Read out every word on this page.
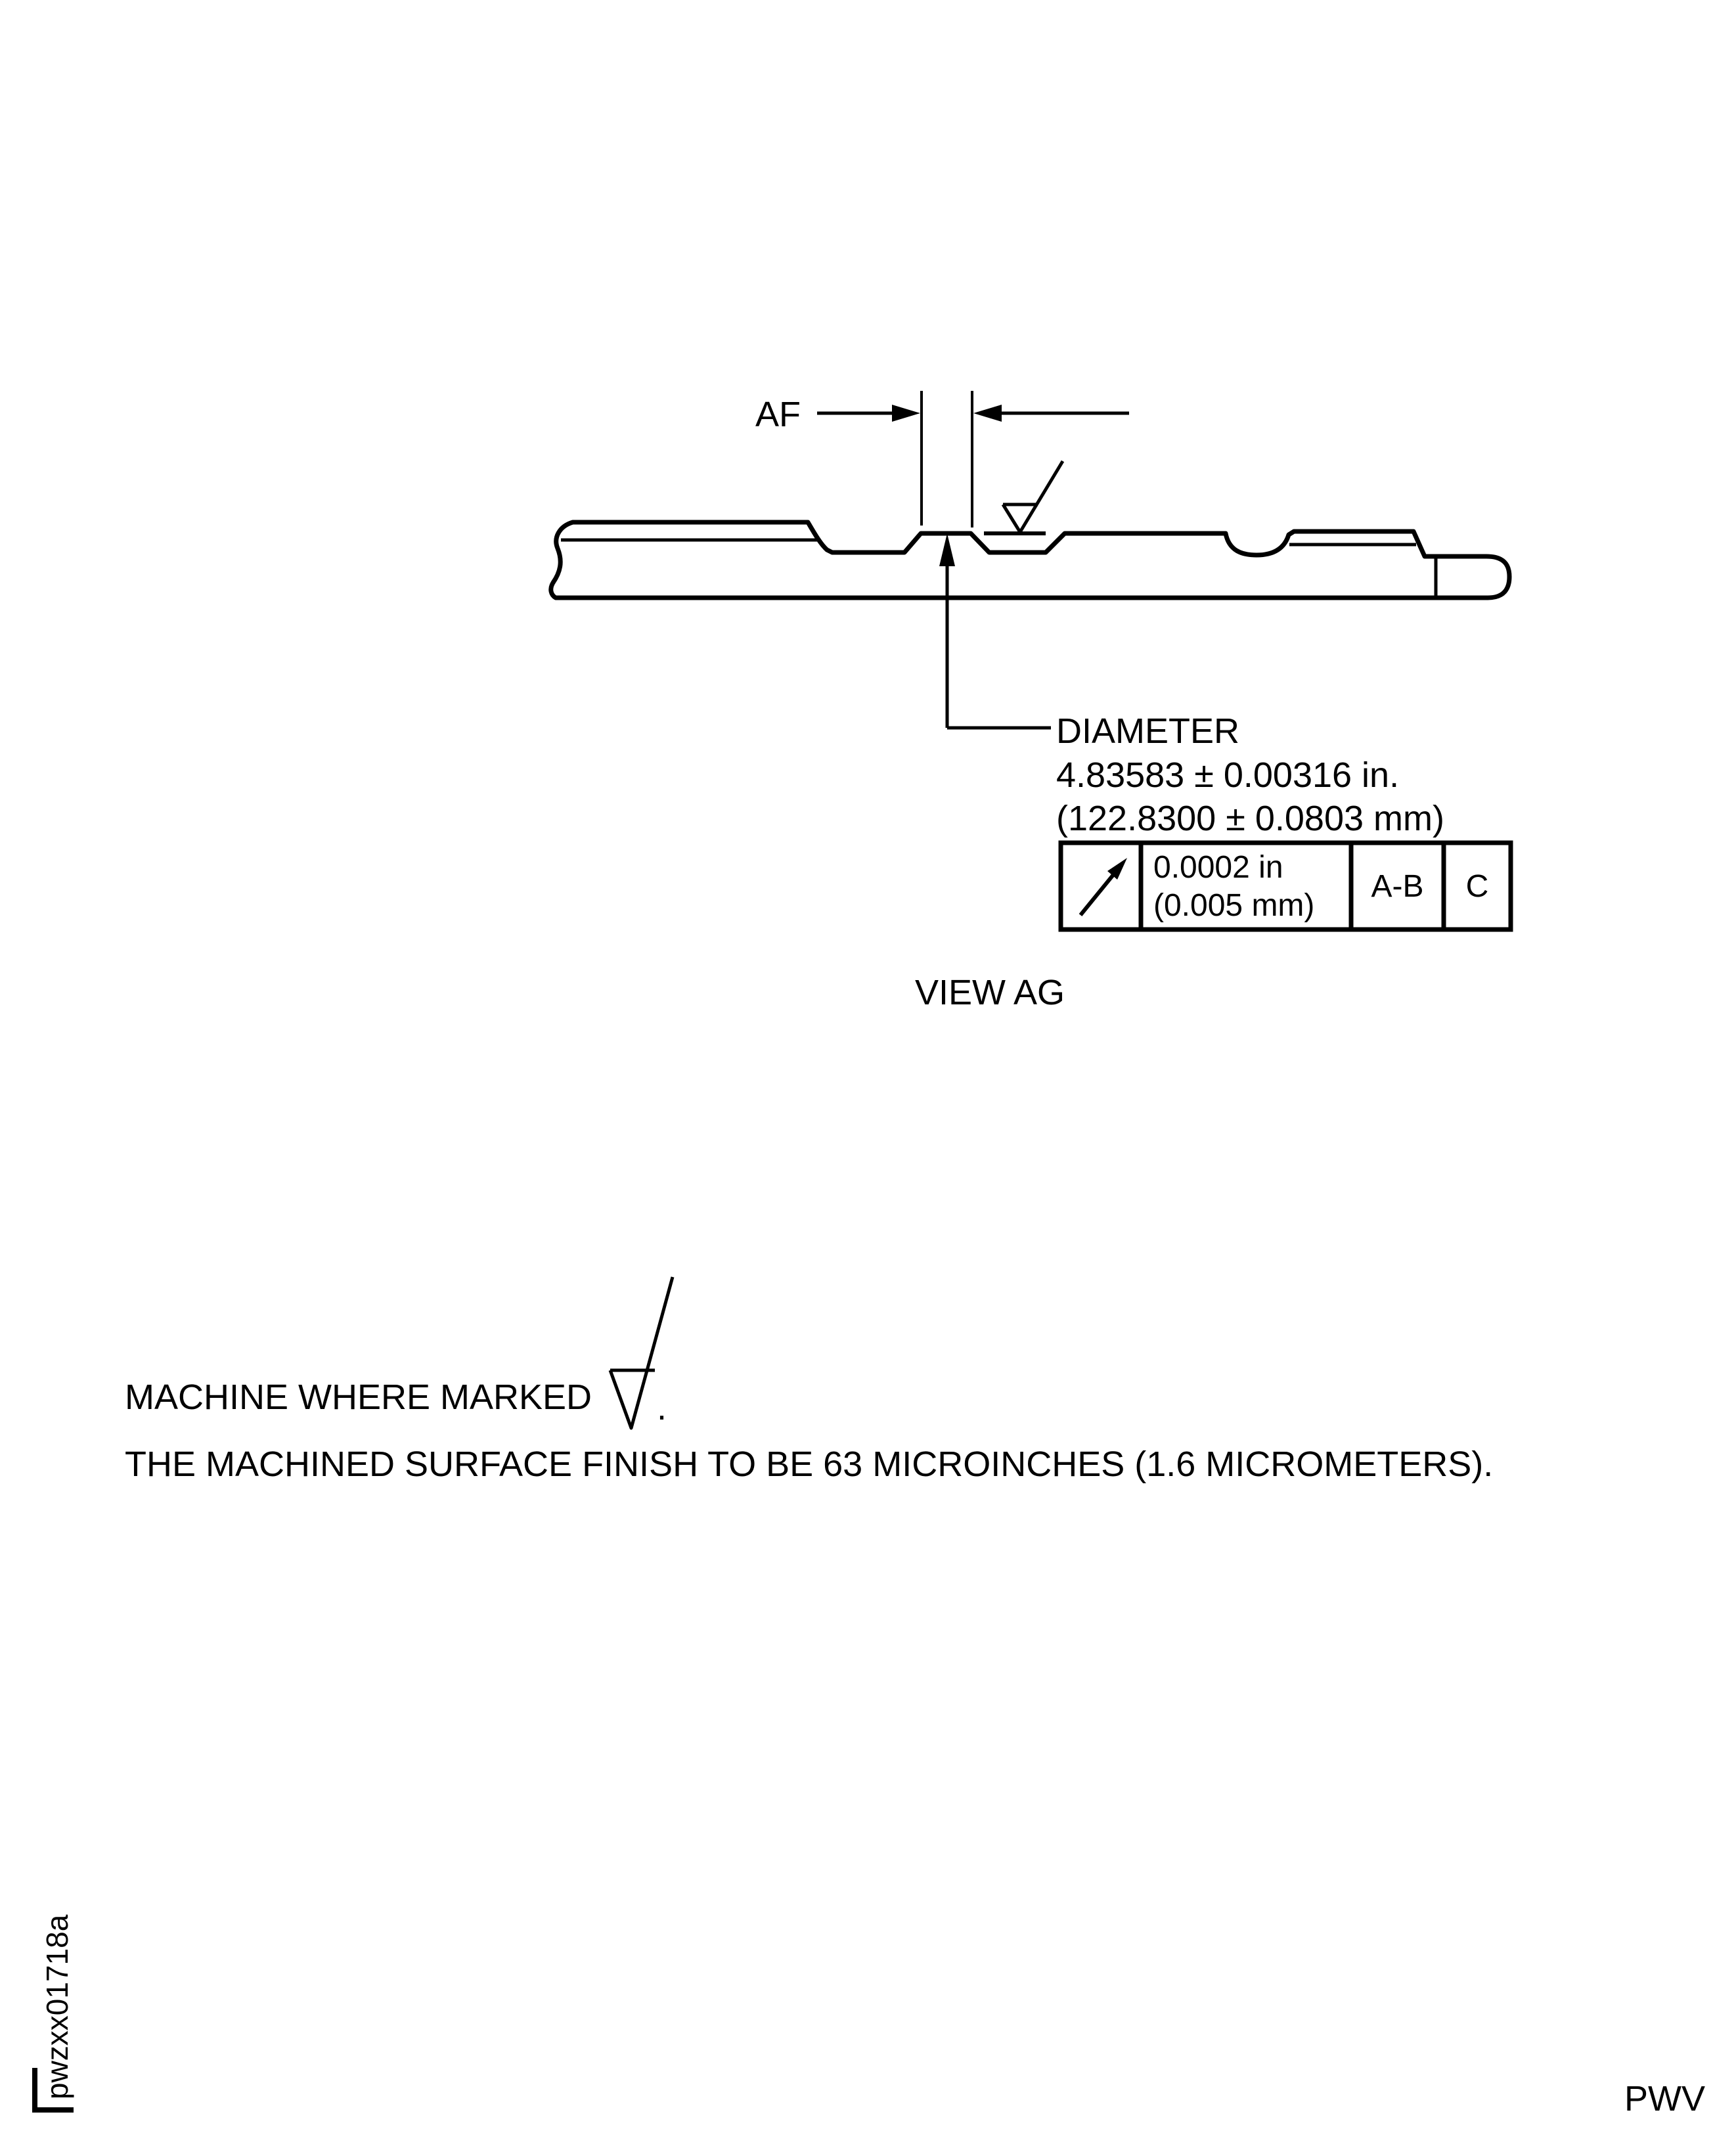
AF
DIAMETER
4.83583 ± 0.00316 in.
(122.8300 ± 0.0803 mm)
0.0002 in
(0.005 mm)
A-B	C
VIEW AG
MACHINE WHERE MARKED .
THE MACHINED SURFACE FINISH TO BE 63 MICROINCHES (1.6 MICROMETERS).
pwzxx01718a	PWV
